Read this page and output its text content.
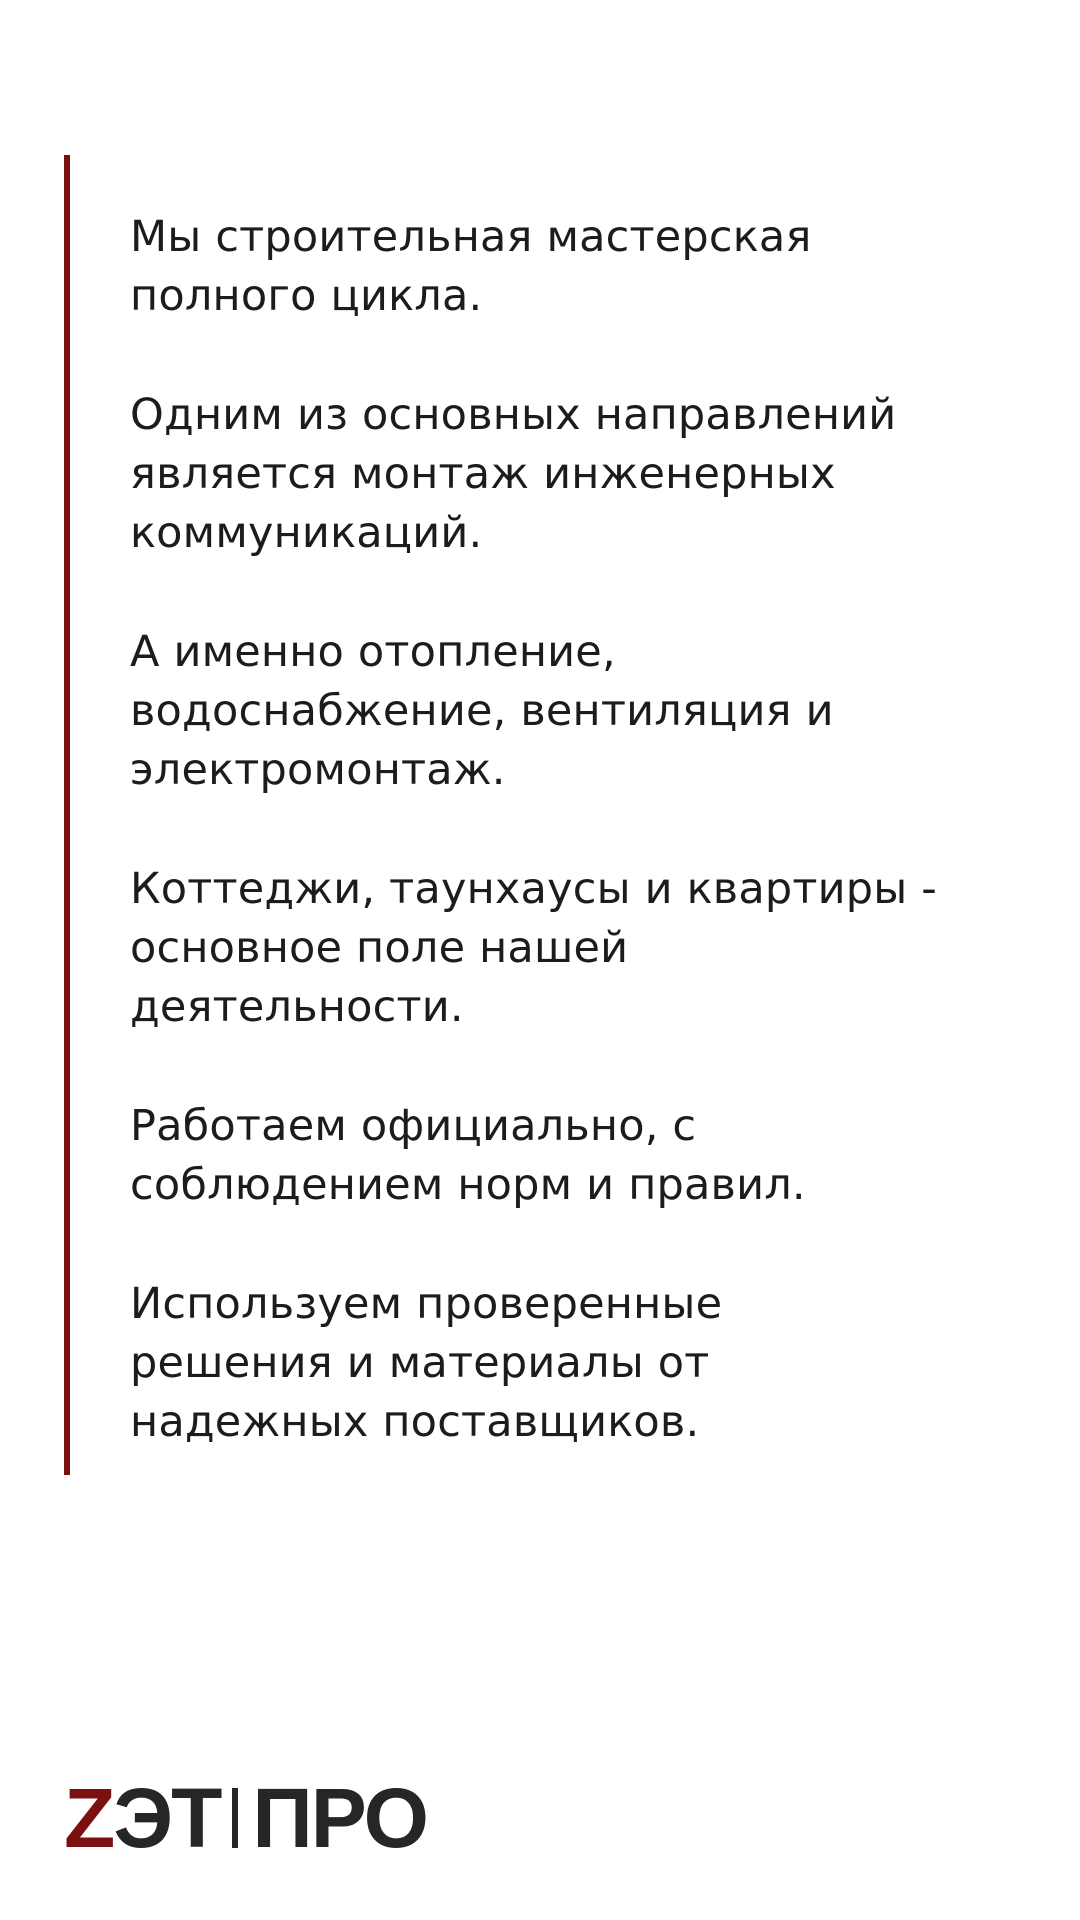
Мы строительная мастерская
полного цикла.

Одним из основных направлений
является монтаж инженерных
коммуникаций.

А именно отопление,
водоснабжение, вентиляция и
электромонтаж.

Коттеджи, таунхаусы и квартиры -
основное поле нашей
деятельности.

Работаем официально, с
соблюдением норм и правил.

Используем проверенные
решения и материалы от
надежных поставщиков.

Z ЭТ ПРО
